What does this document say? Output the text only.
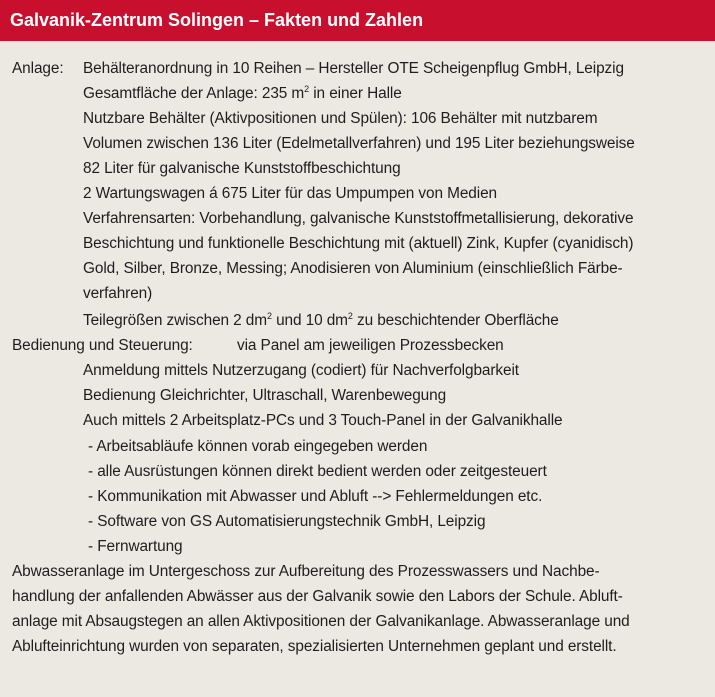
Galvanik-Zentrum Solingen – Fakten und Zahlen
Anlage: Behälteranordnung in 10 Reihen – Hersteller OTE Scheigenpflug GmbH, Leipzig
Gesamtfläche der Anlage: 235 $m^2$ in einer Halle
Nutzbare Behälter (Aktivpositionen und Spülen): 106 Behälter mit nutzbarem
Volumen zwischen 136 Liter (Edelmetallverfahren) und 195 Liter beziehungsweise
82 Liter für galvanische Kunststoffbeschichtung
2 Wartungswagen á 675 Liter für das Umpumpen von Medien
Verfahrensarten: Vorbehandlung, galvanische Kunststoffmetallisierung, dekorative
Beschichtung und funktionelle Beschichtung mit (aktuell) Zink, Kupfer (cyanidisch)
Gold, Silber, Bronze, Messing; Anodisieren von Aluminium (einschließlich Färbe-
verfahren)
Teilegrößen zwischen 2 $dm^2$ und 10 $dm^2$ zu beschichtender Oberfläche
Bedienung und Steuerung:	via Panel am jeweiligen Prozessbecken
Anmeldung mittels Nutzerzugang (codiert) für Nachverfolgbarkeit
Bedienung Gleichrichter, Ultraschall, Warenbewegung
Auch mittels 2 Arbeitsplatz-PCs und 3 Touch-Panel in der Galvanikhalle
- Arbeitsabläufe können vorab eingegeben werden
- alle Ausrüstungen können direkt bedient werden oder zeitgesteuert
- Kommunikation mit Abwasser und Abluft --> Fehlermeldungen etc.
- Software von GS Automatisierungstechnik GmbH, Leipzig
- Fernwartung
Abwasseranlage im Untergeschoss zur Aufbereitung des Prozesswassers und Nachbe-
handlung der anfallenden Abwässer aus der Galvanik sowie den Labors der Schule. Abluft-
anlage mit Absaugstegen an allen Aktivpositionen der Galvanikanlage. Abwasseranlage und
Ablufteinrichtung wurden von separaten, spezialisierten Unternehmen geplant und erstellt.
